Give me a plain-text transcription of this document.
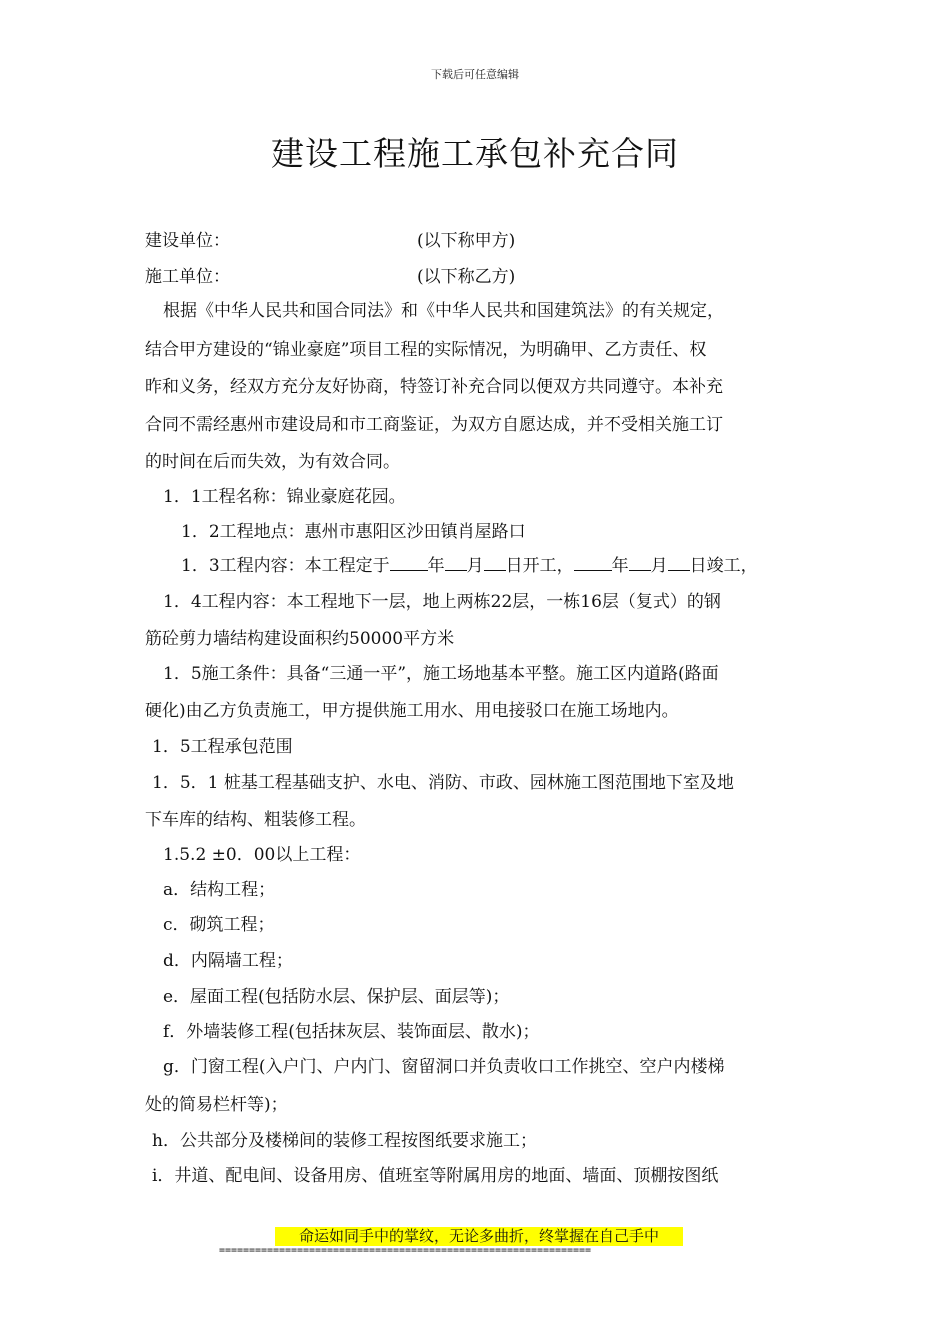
下载后可任意编辑
建设工程施工承包补充合同
建设单位：	(以下称甲方)
施工单位：	(以下称乙方)
根据《中华人民共和国合同法》和《中华人民共和国建筑法》的有关规定，
结合甲方建设的“锦业豪庭”项目工程的实际情况，为明确甲、乙方责任、权
昨和义务，经双方充分友好协商，特签订补充合同以便双方共同遵守。本补充
合同不需经惠州市建设局和市工商鉴证，为双方自愿达成，并不受相关施工订
的时间在后而失效，为有效合同。
1．1工程名称：锦业豪庭花园。
1．2工程地点：惠州市惠阳区沙田镇肖屋路口
1．3工程内容：本工程定于 年 月 日开工， 年 月 日竣工，
1．4工程内容：本工程地下一层，地上两栋22层，一栋16层（复式）的钢
筋砼剪力墙结构建设面积约50000平方米
1．5施工条件：具备“三通一平”，施工场地基本平整。施工区内道路(路面
硬化)由乙方负责施工，甲方提供施工用水、用电接驳口在施工场地内。
1．5工程承包范围
1．5．1 桩基工程基础支护、水电、消防、市政、园林施工图范围地下室及地
下车库的结构、粗装修工程。
1.5.2 ±0．00以上工程：
a．结构工程；
c．砌筑工程；
d．内隔墙工程；
e．屋面工程(包括防水层、保护层、面层等)；
f．外墙装修工程(包括抹灰层、装饰面层、散水)；
g．门窗工程(入户门、户内门、窗留洞口并负责收口工作挑空、空户内楼梯
处的简易栏杆等)；
h．公共部分及楼梯间的装修工程按图纸要求施工；
i．井道、配电间、设备用房、值班室等附属用房的地面、墙面、顶棚按图纸
命运如同手中的掌纹，无论多曲折，终掌握在自己手中
==============================================================
